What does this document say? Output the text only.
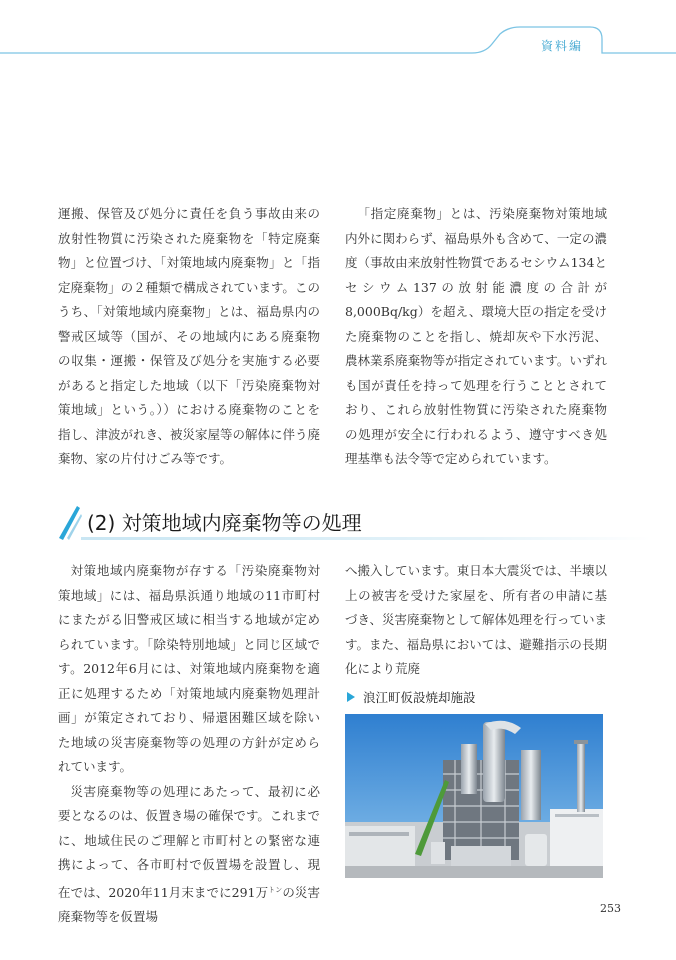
資料編

運搬、保管及び処分に責任を負う事故由来の放射性物質に汚染された廃棄物を「特定廃棄物」と位置づけ、「対策地域内廃棄物」と「指定廃棄物」の２種類で構成されています。このうち、「対策地域内廃棄物」とは、福島県内の警戒区域等（国が、その地域内にある廃棄物の収集・運搬・保管及び処分を実施する必要があると指定した地域（以下「汚染廃棄物対策地域」という。））における廃棄物のことを指し、津波がれき、被災家屋等の解体に伴う廃棄物、家の片付けごみ等です。

「指定廃棄物」とは、汚染廃棄物対策地域内外に関わらず、福島県外も含めて、一定の濃度（事故由来放射性物質であるセシウム134とセシウム137の放射能濃度の合計が8,000Bq/kg）を超え、環境大臣の指定を受けた廃棄物のことを指し、焼却灰や下水汚泥、農林業系廃棄物等が指定されています。いずれも国が責任を持って処理を行うこととされており、これら放射性物質に汚染された廃棄物の処理が安全に行われるよう、遵守すべき処理基準も法令等で定められています。

(2) 対策地域内廃棄物等の処理

対策地域内廃棄物が存する「汚染廃棄物対策地域」には、福島県浜通り地域の11市町村にまたがる旧警戒区域に相当する地域が定められています。「除染特別地域」と同じ区域です。2012年6月には、対策地域内廃棄物を適正に処理するため「対策地域内廃棄物処理計画」が策定されており、帰還困難区域を除いた地域の災害廃棄物等の処理の方針が定められています。

災害廃棄物等の処理にあたって、最初に必要となるのは、仮置き場の確保です。これまでに、地域住民のご理解と市町村との緊密な連携によって、各市町村で仮置場を設置し、現在では、2020年11月末までに291万$^{トン}$の災害廃棄物等を仮置場

へ搬入しています。東日本大震災では、半壊以上の被害を受けた家屋を、所有者の申請に基づき、災害廃棄物として解体処理を行っています。また、福島県においては、避難指示の長期化により荒廃

浪江町仮設焼却施設
253
